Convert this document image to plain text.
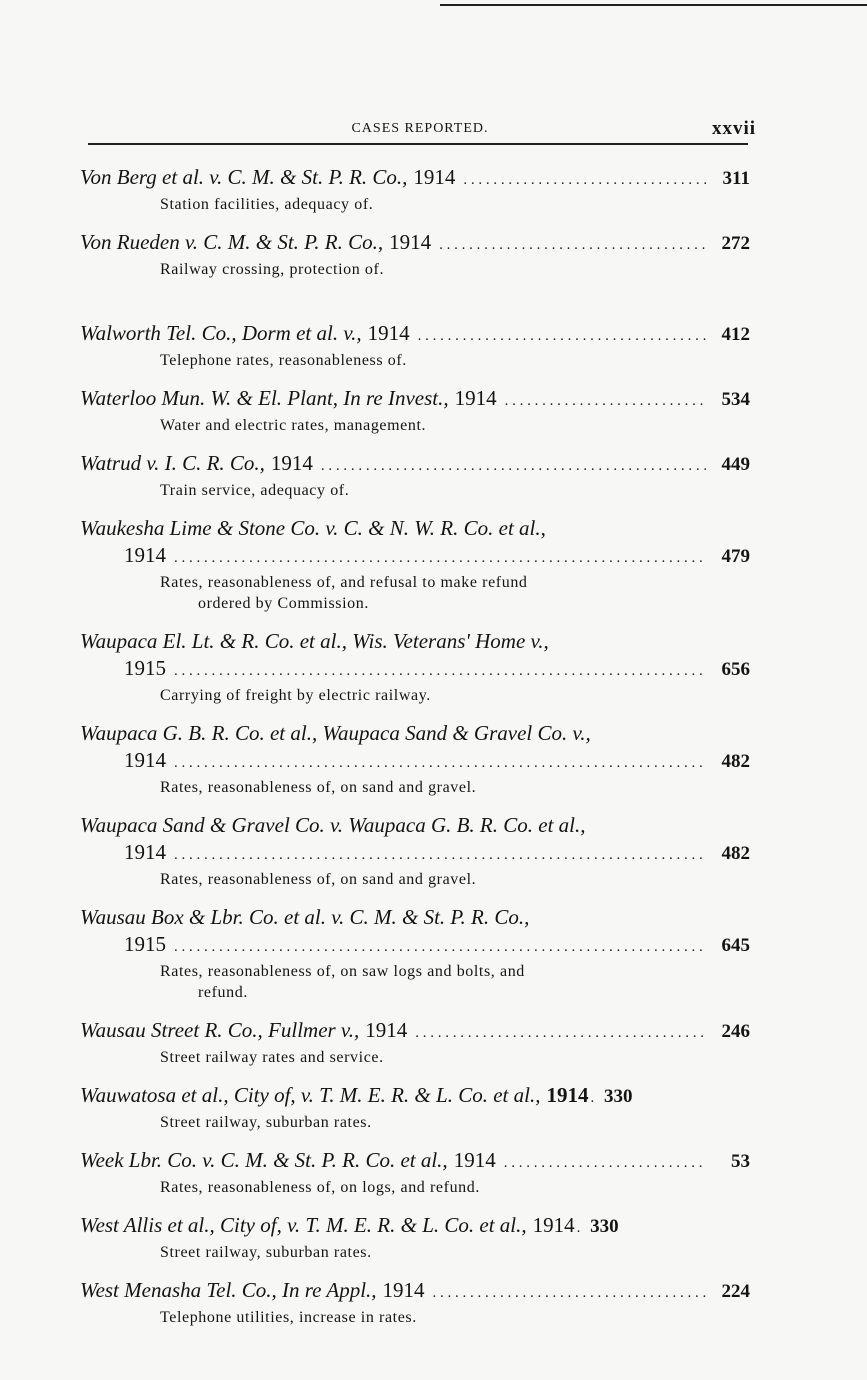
CASES REPORTED.	xxvii
Von Berg et al. v. C. M. & St. P. R. Co., 1914 . . .	311
Station facilities, adequacy of.
Von Rueden v. C. M. & St. P. R. Co., 1914 . . .	272
Railway crossing, protection of.
Walworth Tel. Co., Dorm et al. v., 1914 . . .	412
Telephone rates, reasonableness of.
Waterloo Mun. W. & El. Plant, In re Invest., 1914 . . .	534
Water and electric rates, management.
Watrud v. I. C. R. Co., 1914 . . .	449
Train service, adequacy of.
Waukesha Lime & Stone Co. v. C. & N. W. R. Co. et al.,
1914 . . .	479
Rates, reasonableness of, and refusal to make refund
ordered by Commission.
Waupaca El. Lt. & R. Co. et al., Wis. Veterans' Home v.,
1915 . . .	656
Carrying of freight by electric railway.
Waupaca G. B. R. Co. et al., Waupaca Sand & Gravel Co. v.,
1914 . . .	482
Rates, reasonableness of, on sand and gravel.
Waupaca Sand & Gravel Co. v. Waupaca G. B. R. Co. et al.,
1914 . . .	482
Rates, reasonableness of, on sand and gravel.
Wausau Box & Lbr. Co. et al. v. C. M. & St. P. R. Co.,
1915 . . .	645
Rates, reasonableness of, on saw logs and bolts, and
refund.
Wausau Street R. Co., Fullmer v., 1914 . . .	246
Street railway rates and service.
Wauwatosa et al., City of, v. T. M. E. R. & L. Co. et al., 1914 . . . 330
Street railway, suburban rates.
Week Lbr. Co. v. C. M. & St. P. R. Co. et al., 1914 . . .	53
Rates, reasonableness of, on logs, and refund.
West Allis et al., City of, v. T. M. E. R. & L. Co. et al., 1914 . . . 330
Street railway, suburban rates.
West Menasha Tel. Co., In re Appl., 1914 . . .	224
Telephone utilities, increase in rates.
